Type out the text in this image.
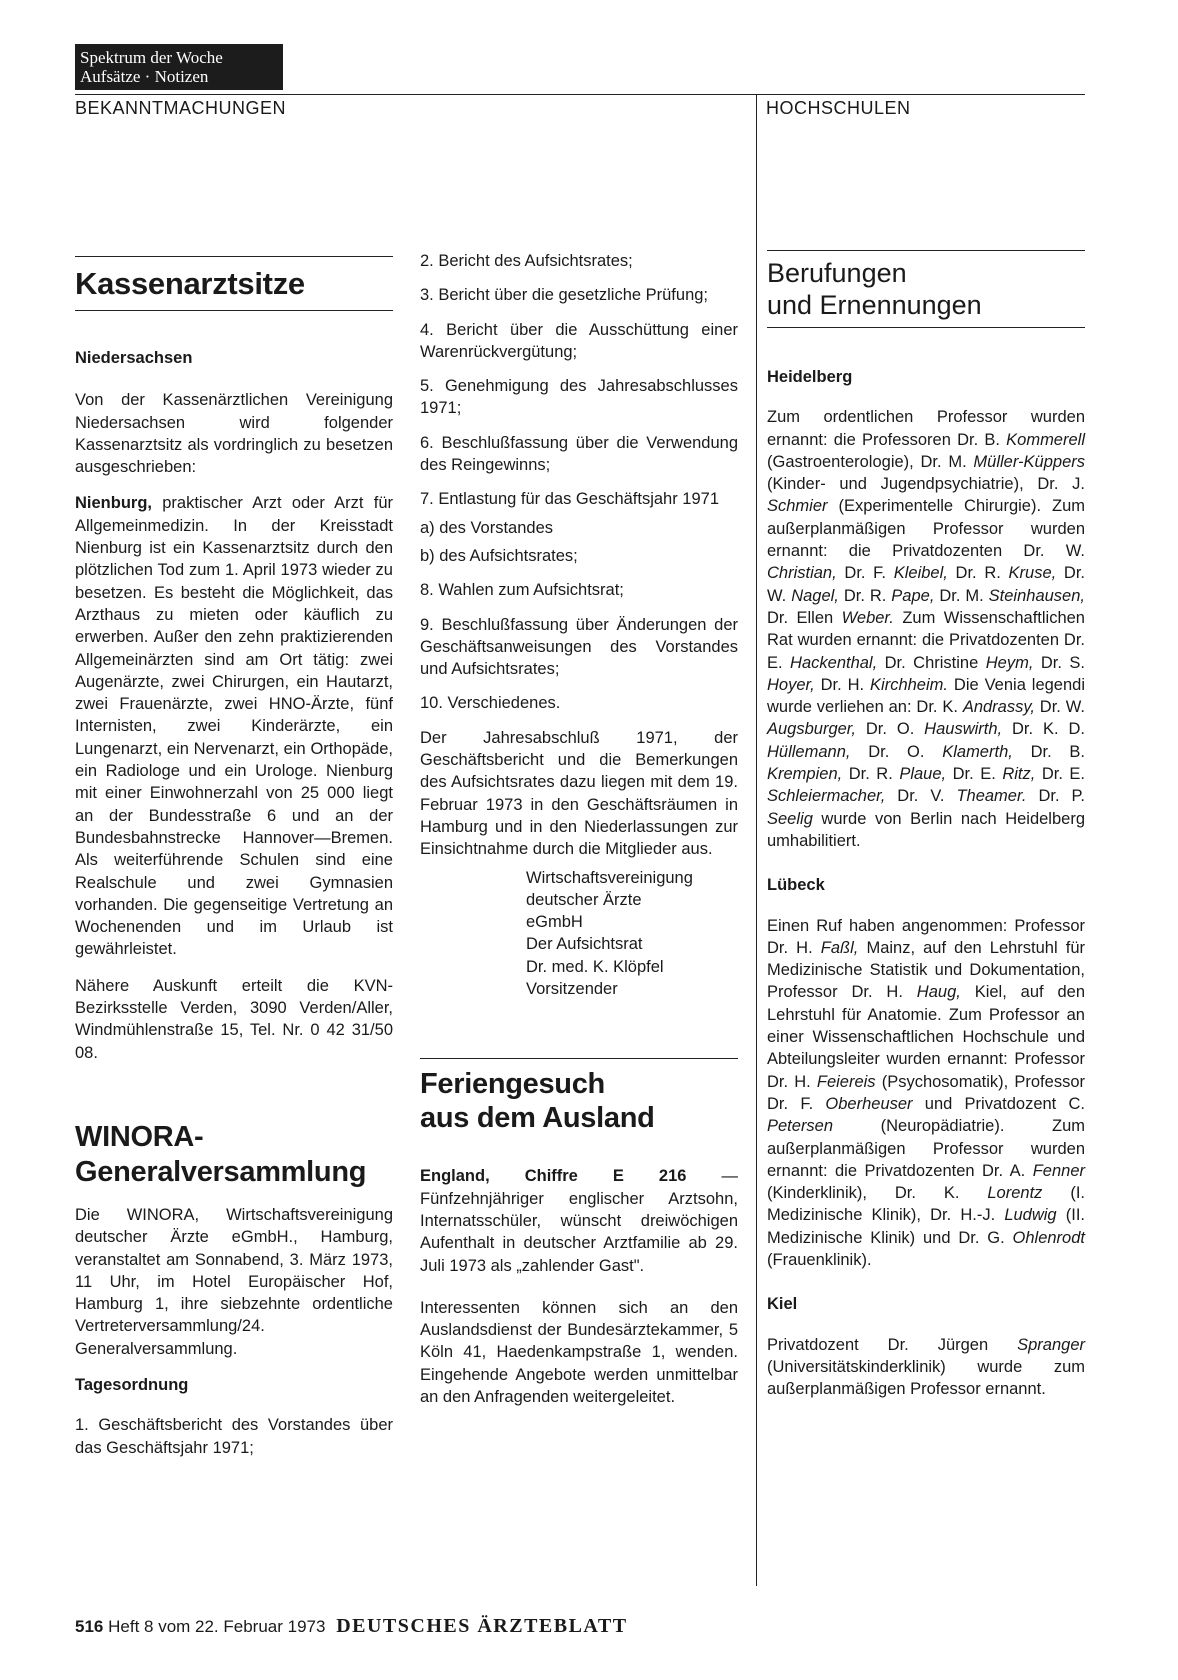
Spektrum der Woche
Aufsätze · Notizen
BEKANNTMACHUNGEN	HOCHSCHULEN
Kassenarztsitze

Niedersachsen

Von der Kassenärztlichen Vereinigung Niedersachsen wird folgender Kassenarztsitz als vordringlich zu besetzen ausgeschrieben:

Nienburg, praktischer Arzt oder Arzt für Allgemeinmedizin. In der Kreisstadt Nienburg ist ein Kassenarztsitz durch den plötzlichen Tod zum 1. April 1973 wieder zu besetzen. Es besteht die Möglichkeit, das Arzthaus zu mieten oder käuflich zu erwerben. Außer den zehn praktizierenden Allgemeinärzten sind am Ort tätig: zwei Augenärzte, zwei Chirurgen, ein Hautarzt, zwei Frauenärzte, zwei HNO-Ärzte, fünf Internisten, zwei Kinderärzte, ein Lungenarzt, ein Nervenarzt, ein Orthopäde, ein Radiologe und ein Urologe. Nienburg mit einer Einwohnerzahl von 25 000 liegt an der Bundesstraße 6 und an der Bundesbahnstrecke Hannover—Bremen. Als weiterführende Schulen sind eine Realschule und zwei Gymnasien vorhanden. Die gegenseitige Vertretung an Wochenenden und im Urlaub ist gewährleistet.

Nähere Auskunft erteilt die KVN-Bezirksstelle Verden, 3090 Verden/Aller, Windmühlenstraße 15, Tel. Nr. 0 42 31/50 08.

WINORA-
Generalversammlung

Die WINORA, Wirtschaftsvereinigung deutscher Ärzte eGmbH., Hamburg, veranstaltet am Sonnabend, 3. März 1973, 11 Uhr, im Hotel Europäischer Hof, Hamburg 1, ihre siebzehnte ordentliche Vertreterversammlung/24. Generalversammlung.

Tagesordnung

1. Geschäftsbericht des Vorstandes über das Geschäftsjahr 1971;

2. Bericht des Aufsichtsrates;

3. Bericht über die gesetzliche Prüfung;

4. Bericht über die Ausschüttung einer Warenrückvergütung;

5. Genehmigung des Jahresabschlusses 1971;

6. Beschlußfassung über die Verwendung des Reingewinns;

7. Entlastung für das Geschäftsjahr 1971

a) des Vorstandes

b) des Aufsichtsrates;

8. Wahlen zum Aufsichtsrat;

9. Beschlußfassung über Änderungen der Geschäftsanweisungen des Vorstandes und Aufsichtsrates;

10. Verschiedenes.

Der Jahresabschluß 1971, der Geschäftsbericht und die Bemerkungen des Aufsichtsrates dazu liegen mit dem 19. Februar 1973 in den Geschäftsräumen in Hamburg und in den Niederlassungen zur Einsichtnahme durch die Mitglieder aus.

Wirtschaftsvereinigung
deutscher Ärzte
eGmbH
Der Aufsichtsrat
Dr. med. K. Klöpfel
Vorsitzender
Feriengesuch
aus dem Ausland

England, Chiffre E 216 — Fünfzehnjähriger englischer Arztsohn, Internatsschüler, wünscht dreiwöchigen Aufenthalt in deutscher Arztfamilie ab 29. Juli 1973 als „zahlender Gast".

Interessenten können sich an den Auslandsdienst der Bundesärztekammer, 5 Köln 41, Haedenkampstraße 1, wenden. Eingehende Angebote werden unmittelbar an den Anfragenden weitergeleitet.

Berufungen
und Ernennungen

Heidelberg

Zum ordentlichen Professor wurden ernannt: die Professoren Dr. B. Kommerell (Gastroenterologie), Dr. M. Müller-Küppers (Kinder- und Jugendpsychiatrie), Dr. J. Schmier (Experimentelle Chirurgie). Zum außerplanmäßigen Professor wurden ernannt: die Privatdozenten Dr. W. Christian, Dr. F. Kleibel, Dr. R. Kruse, Dr. W. Nagel, Dr. R. Pape, Dr. M. Steinhausen, Dr. Ellen Weber. Zum Wissenschaftlichen Rat wurden ernannt: die Privatdozenten Dr. E. Hackenthal, Dr. Christine Heym, Dr. S. Hoyer, Dr. H. Kirchheim. Die Venia legendi wurde verliehen an: Dr. K. Andrassy, Dr. W. Augsburger, Dr. O. Hauswirth, Dr. K. D. Hüllemann, Dr. O. Klamerth, Dr. B. Krempien, Dr. R. Plaue, Dr. E. Ritz, Dr. E. Schleiermacher, Dr. V. Theamer. Dr. P. Seelig wurde von Berlin nach Heidelberg umhabilitiert.

Lübeck

Einen Ruf haben angenommen: Professor Dr. H. Faßl, Mainz, auf den Lehrstuhl für Medizinische Statistik und Dokumentation, Professor Dr. H. Haug, Kiel, auf den Lehrstuhl für Anatomie. Zum Professor an einer Wissenschaftlichen Hochschule und Abteilungsleiter wurden ernannt: Professor Dr. H. Feiereis (Psychosomatik), Professor Dr. F. Oberheuser und Privatdozent C. Petersen (Neuropädiatrie). Zum außerplanmäßigen Professor wurden ernannt: die Privatdozenten Dr. A. Fenner (Kinderklinik), Dr. K. Lorentz (I. Medizinische Klinik), Dr. H.-J. Ludwig (II. Medizinische Klinik) und Dr. G. Ohlenrodt (Frauenklinik).

Kiel

Privatdozent Dr. Jürgen Spranger (Universitätskinderklinik) wurde zum außerplanmäßigen Professor ernannt.

516 Heft 8 vom 22. Februar 1973 DEUTSCHES ÄRZTEBLATT
